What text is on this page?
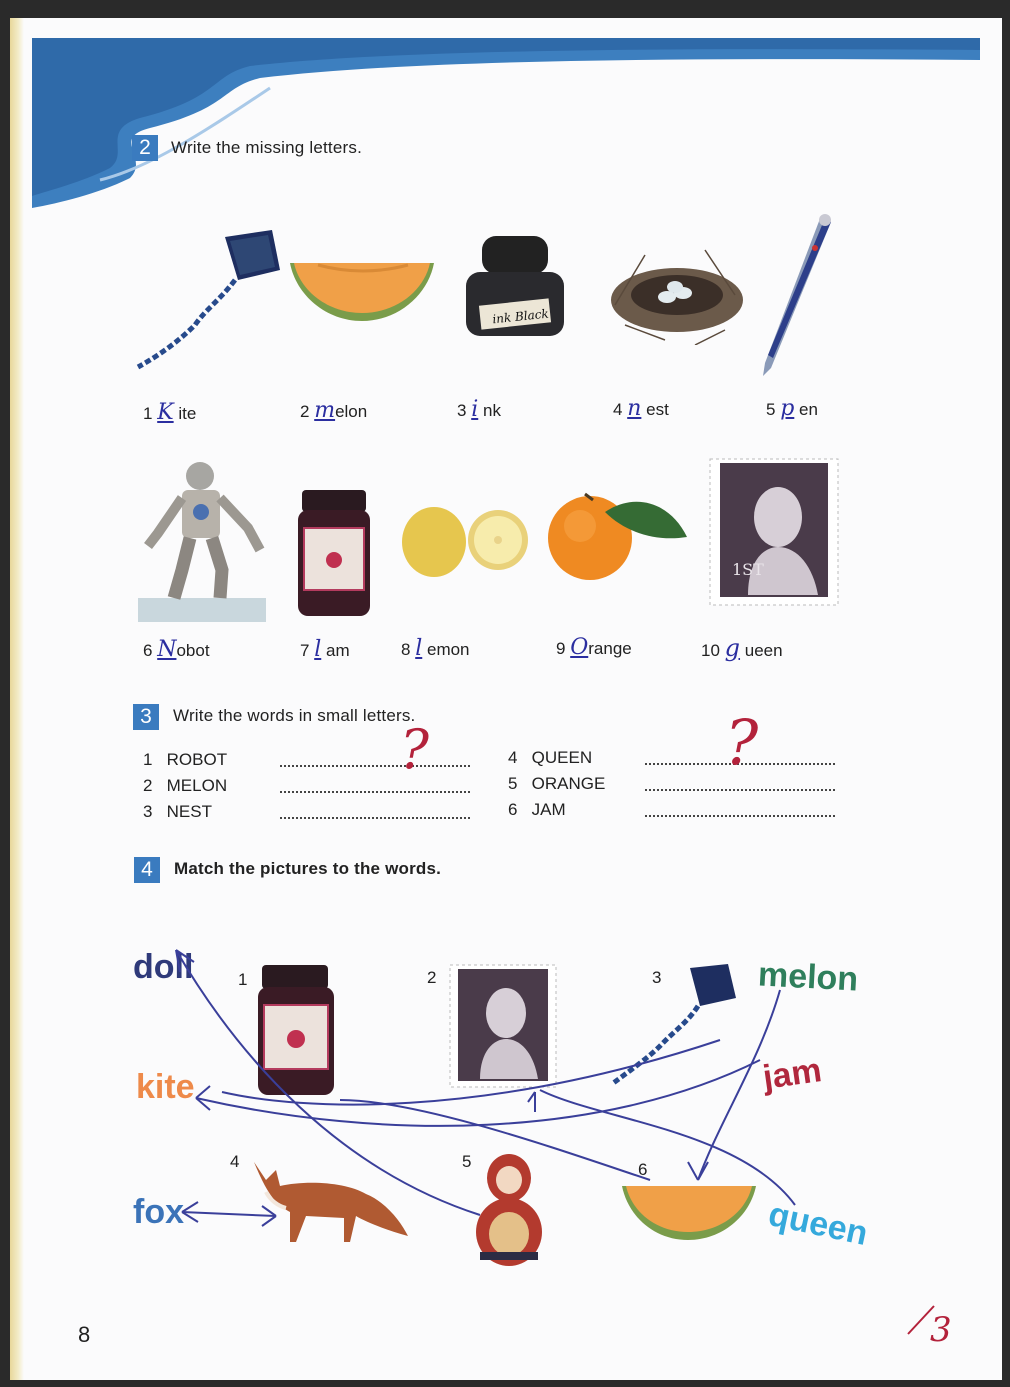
2	Write the missing letters.
ink Black
1 K ite	2 melon	3 i nk	4 n est	5 p en
1ST
6 Nobot	7 l am	8 l emon	9 Orange	10 g ueen
3	Write the words in small letters.
1 ROBOT
2 MELON
3 NEST
4 QUEEN
5 ORANGE
6 JAM
?	?
4	Match the pictures to the words.
doll
kite
fox
melon
jam
queen
1	2	3
4	5	6
8	3
